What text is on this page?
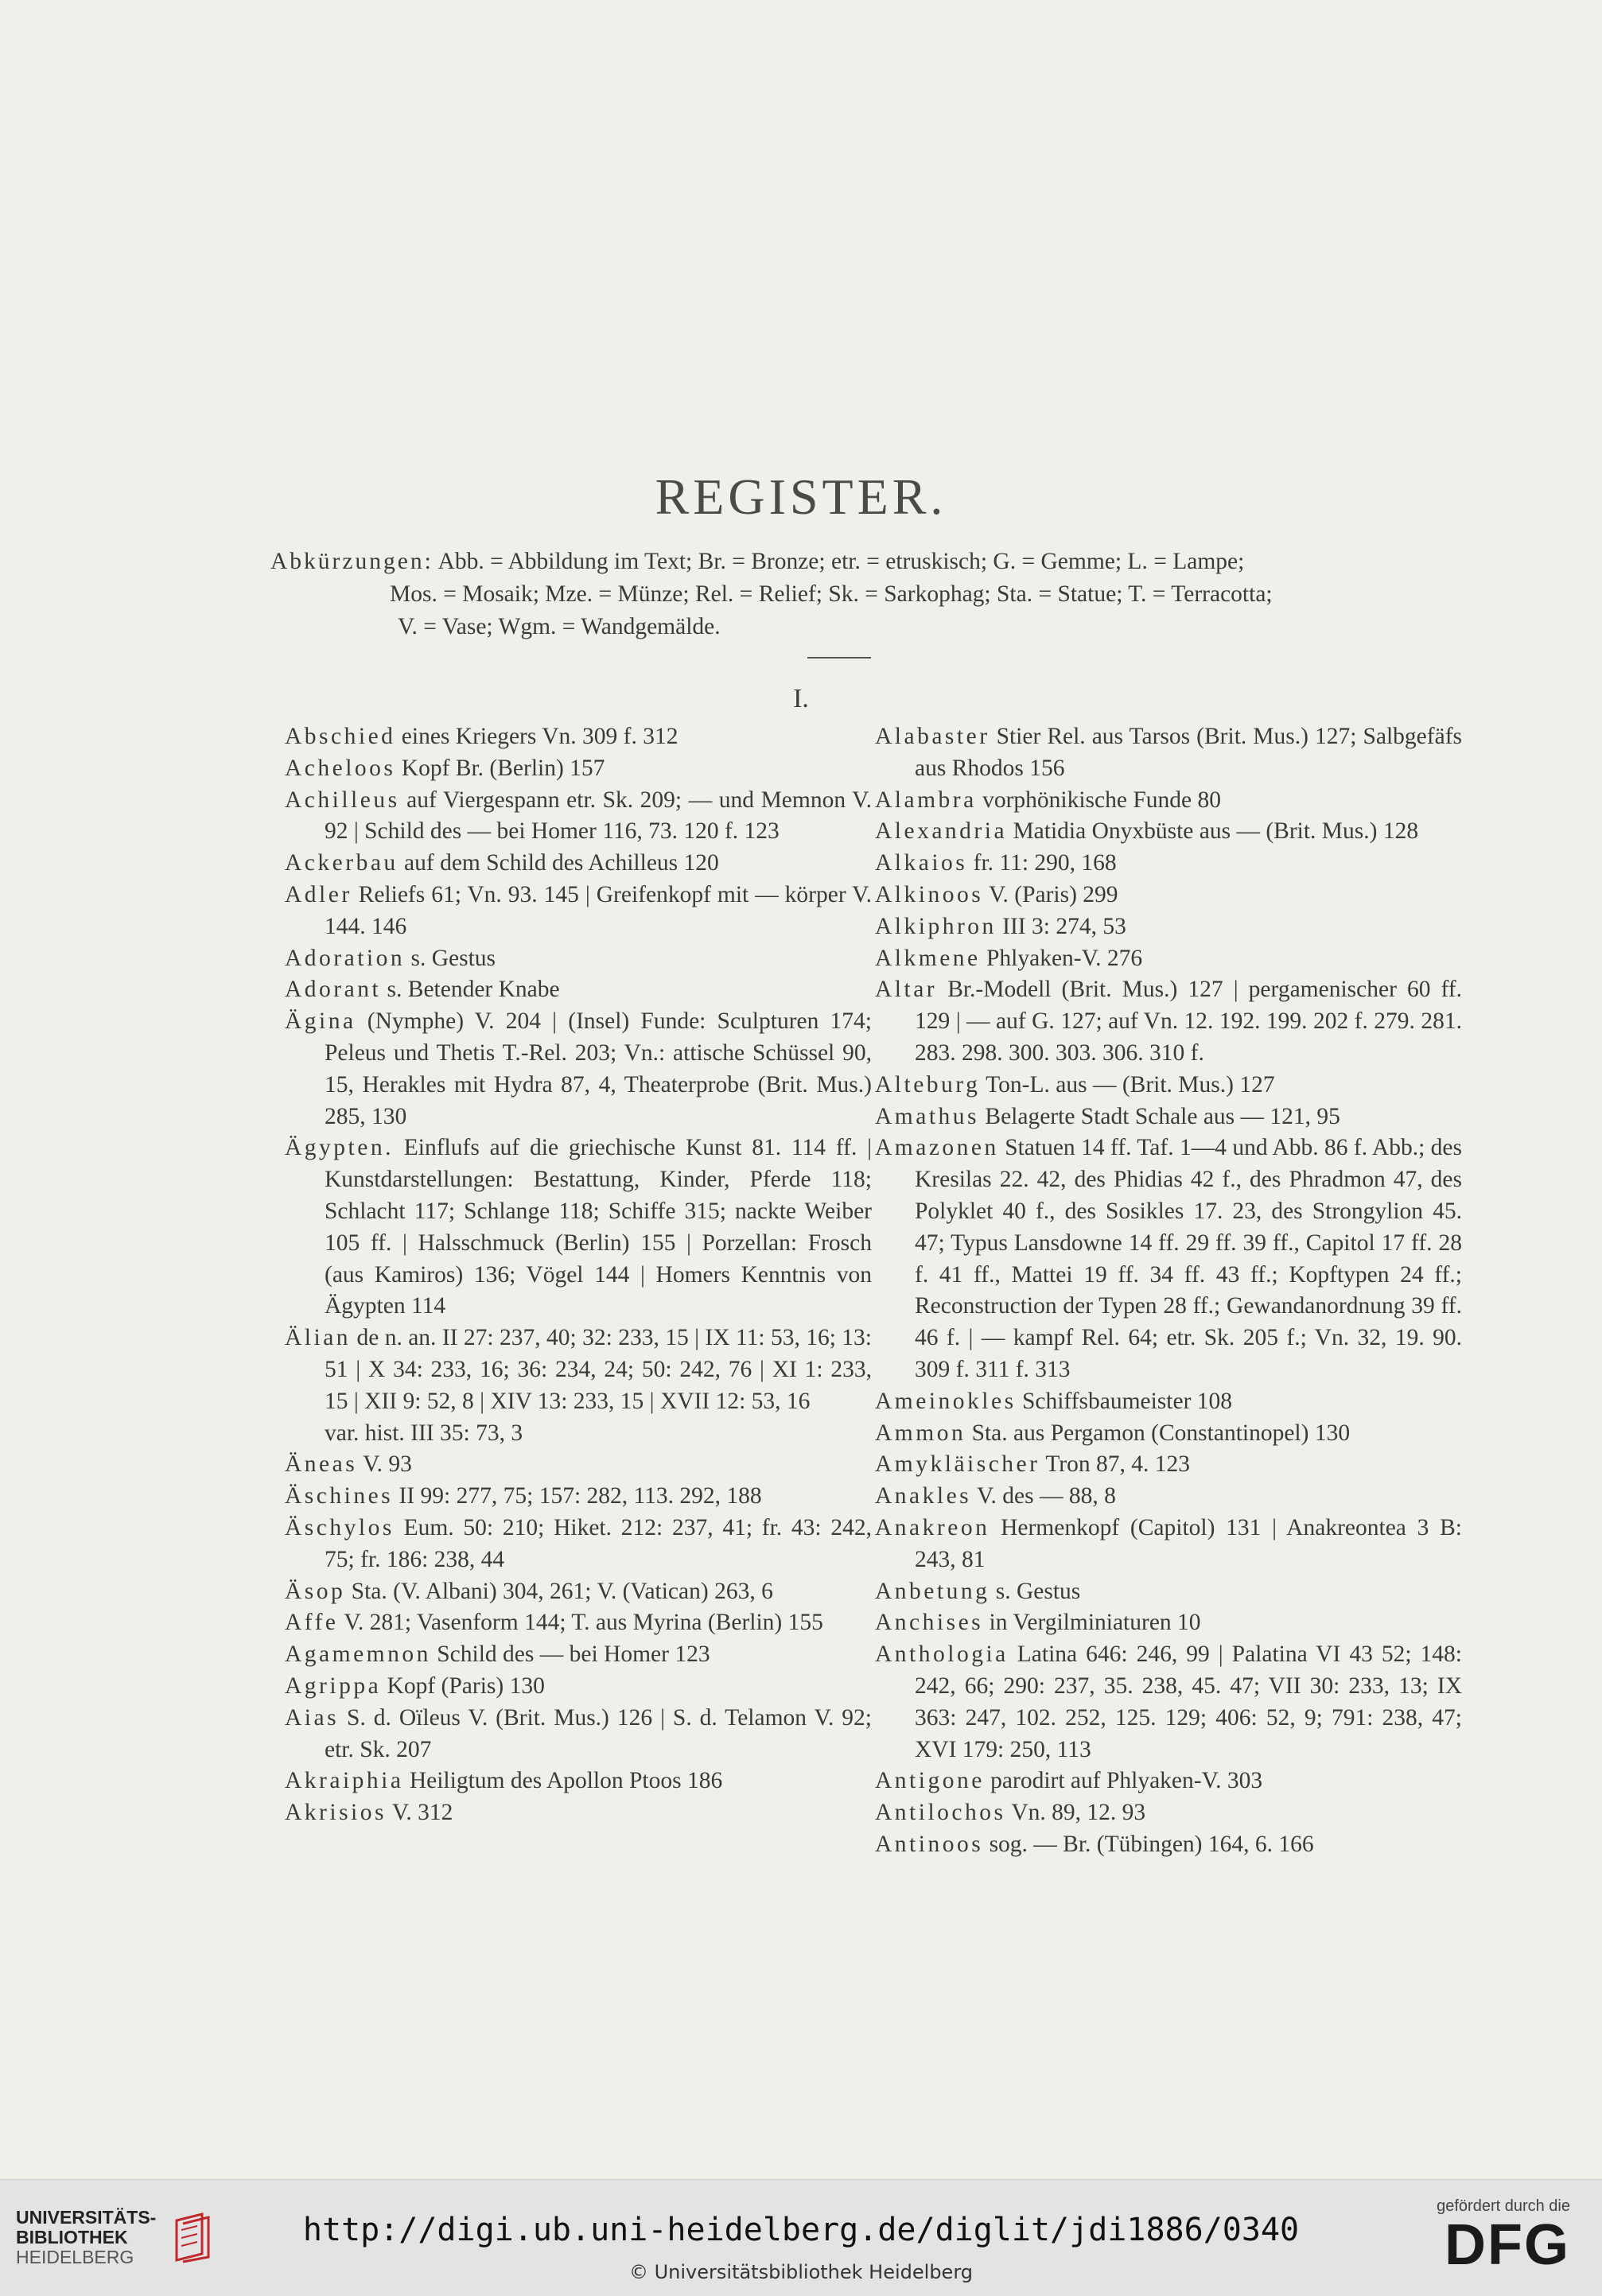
REGISTER.
Abkürzungen: Abb. = Abbildung im Text; Br. = Bronze; etr. = etruskisch; G. = Gemme; L. = Lampe;
Mos. = Mosaik; Mze. = Münze; Rel. = Relief; Sk. = Sarkophag; Sta. = Statue; T. = Terracotta;
V. = Vase; Wgm. = Wandgemälde.
I.
Abschied eines Kriegers Vn. 309 f. 312
Acheloos Kopf Br. (Berlin) 157
Achilleus auf Viergespann etr. Sk. 209; — und Memnon V. 92 | Schild des — bei Homer 116, 73. 120 f. 123
Ackerbau auf dem Schild des Achilleus 120
Adler Reliefs 61; Vn. 93. 145 | Greifenkopf mit — körper V. 144. 146
Adoration s. Gestus
Adorant s. Betender Knabe
Ägina (Nymphe) V. 204 | (Insel) Funde: Sculpturen 174; Peleus und Thetis T.-Rel. 203; Vn.: attische Schüssel 90, 15, Herakles mit Hydra 87, 4, Theaterprobe (Brit. Mus.) 285, 130
Ägypten. Einflufs auf die griechische Kunst 81. 114 ff. | Kunstdarstellungen: Bestattung, Kinder, Pferde 118; Schlacht 117; Schlange 118; Schiffe 315; nackte Weiber 105 ff. | Halsschmuck (Berlin) 155 | Porzellan: Frosch (aus Kamiros) 136; Vögel 144 | Homers Kenntnis von Ägypten 114
Älian de n. an. II 27: 237, 40; 32: 233, 15 | IX 11: 53, 16; 13: 51 | X 34: 233, 16; 36: 234, 24; 50: 242, 76 | XI 1: 233, 15 | XII 9: 52, 8 | XIV 13: 233, 15 | XVII 12: 53, 16
var. hist. III 35: 73, 3
Äneas V. 93
Äschines II 99: 277, 75; 157: 282, 113. 292, 188
Äschylos Eum. 50: 210; Hiket. 212: 237, 41; fr. 43: 242, 75; fr. 186: 238, 44
Äsop Sta. (V. Albani) 304, 261; V. (Vatican) 263, 6
Affe V. 281; Vasenform 144; T. aus Myrina (Berlin) 155
Agamemnon Schild des — bei Homer 123
Agrippa Kopf (Paris) 130
Aias S. d. Oïleus V. (Brit. Mus.) 126 | S. d. Telamon V. 92; etr. Sk. 207
Akraiphia Heiligtum des Apollon Ptoos 186
Akrisios V. 312
Alabaster Stier Rel. aus Tarsos (Brit. Mus.) 127; Salbgefäfs aus Rhodos 156
Alambra vorphönikische Funde 80
Alexandria Matidia Onyxbüste aus — (Brit. Mus.) 128
Alkaios fr. 11: 290, 168
Alkinoos V. (Paris) 299
Alkiphron III 3: 274, 53
Alkmene Phlyaken-V. 276
Altar Br.-Modell (Brit. Mus.) 127 | pergamenischer 60 ff. 129 | — auf G. 127; auf Vn. 12. 192. 199. 202 f. 279. 281. 283. 298. 300. 303. 306. 310 f.
Alteburg Ton-L. aus — (Brit. Mus.) 127
Amathus Belagerte Stadt Schale aus — 121, 95
Amazonen Statuen 14 ff. Taf. 1—4 und Abb. 86 f. Abb.; des Kresilas 22. 42, des Phidias 42 f., des Phradmon 47, des Polyklet 40 f., des Sosikles 17. 23, des Strongylion 45. 47; Typus Lansdowne 14 ff. 29 ff. 39 ff., Capitol 17 ff. 28 f. 41 ff., Mattei 19 ff. 34 ff. 43 ff.; Kopftypen 24 ff.; Reconstruction der Typen 28 ff.; Gewandanordnung 39 ff. 46 f. | — kampf Rel. 64; etr. Sk. 205 f.; Vn. 32, 19. 90. 309 f. 311 f. 313
Ameinokles Schiffsbaumeister 108
Ammon Sta. aus Pergamon (Constantinopel) 130
Amykläischer Tron 87, 4. 123
Anakles V. des — 88, 8
Anakreon Hermenkopf (Capitol) 131 | Anakreontea 3 B: 243, 81
Anbetung s. Gestus
Anchises in Vergilminiaturen 10
Anthologia Latina 646: 246, 99 | Palatina VI 43 52; 148: 242, 66; 290: 237, 35. 238, 45. 47; VII 30: 233, 13; IX 363: 247, 102. 252, 125. 129; 406: 52, 9; 791: 238, 47; XVI 179: 250, 113
Antigone parodirt auf Phlyaken-V. 303
Antilochos Vn. 89, 12. 93
Antinoos sog. — Br. (Tübingen) 164, 6. 166
UNIVERSITÄTS-
BIBLIOTHEK
HEIDELBERG
http://digi.ub.uni-heidelberg.de/diglit/jdi1886/0340
© Universitätsbibliothek Heidelberg
gefördert durch die
DFG
